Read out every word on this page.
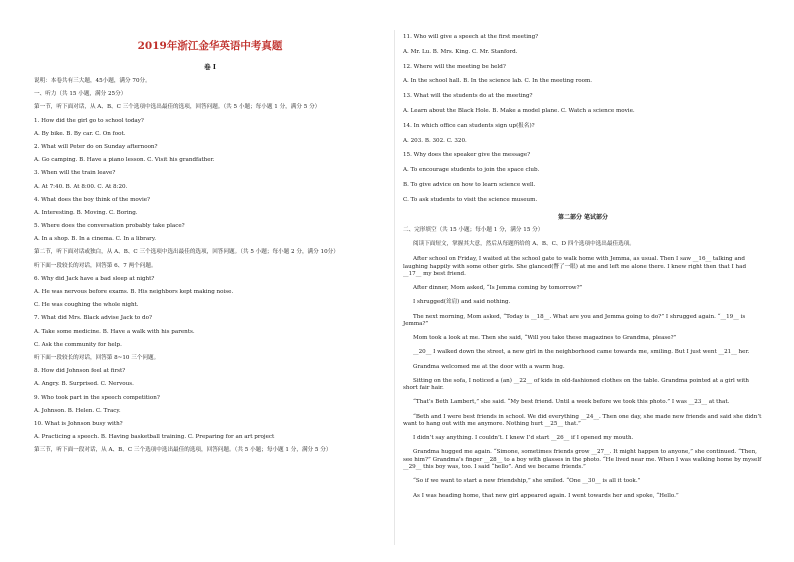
2019年浙江金华英语中考真题
卷 I
说明：本卷共有三大题，45小题，满分 70分。
一、听力（共 15 小题，满分 25分）
第一节，听下面对话，从 A、B、C 三个选项中选出最佳的选项，回答问题。（共 5 小题；每小题 1 分，满分 5 分）
1. How did the girl go to school today?
A. By bike. B. By car. C. On foot.
2. What will Peter do on Sunday afternoon?
A. Go camping. B. Have a piano lesson. C. Visit his grandfather.
3. When will the train leave?
A. At 7:40. B. At 8:00. C. At 8:20.
4. What does the boy think of the movie?
A. Interesting. B. Moving. C. Boring.
5. Where does the conversation probably take place?
A. In a shop. B. In a cinema. C. In a library.
第二节，听下面对话或独白，从 A、B、C 三个选项中选出最佳的选项，回答问题。（共 5 小题；每小题 2 分，满分 10分）
听下面一段较长的对话，回答第 6、7 两个问题。
6. Why did Jack have a bad sleep at night?
A. He was nervous before exams. B. His neighbors kept making noise.
C. He was coughing the whole night.
7. What did Mrs. Black advise Jack to do?
A. Take some medicine. B. Have a walk with his parents.
C. Ask the community for help.
听下面一段较长的对话，回答第 8~10 三个问题。
8. How did Johnson feel at first?
A. Angry. B. Surprised. C. Nervous.
9. Who took part in the speech competition?
A. Johnson. B. Helen. C. Tracy.
10. What is Johnson busy with?
A. Practicing a speech. B. Having basketball training. C. Preparing for an art project
第三节，听下面一段对话，从 A、B、C 三个选项中选出最佳的选项，回答问题。（共 5 小题；每小题 1 分，满分 5 分）
11. Who will give a speech at the first meeting?
A. Mr. Lu. B. Mrs. King. C. Mr. Stanford.
12. Where will the meeting be held?
A. In the school hall. B. In the science lab. C. In the meeting room.
13. What will the students do at the meeting?
A. Learn about the Black Hole. B. Make a model plane. C. Watch a science movie.
14. In which office can students sign up(报名)?
A. 203. B. 302. C. 320.
15. Why does the speaker give the message?
A. To encourage students to join the space club.
B. To give advice on how to learn science well.
C. To ask students to visit the science museum.
第二部分 笔试部分
二、完形填空（共 15 小题；每小题 1 分，满分 15 分）
阅读下面短文，掌握其大意，然后从每题所给的 A、B、C、D 四个选项中选出最佳选项。
After school on Friday, I waited at the school gate to walk home with Jemma, as usual. Then I saw __16__ talking and laughing happily with some other girls. She glanced(瞥了一眼) at me and left me alone there. I knew right then that I had __17__ my best friend.
After dinner, Mom asked, “Is Jemma coming by tomorrow?”
I shrugged(耸肩) and said nothing.
The next morning, Mom asked, “Today is __18__. What are you and Jemma going to do?” I shrugged again. “__19__ is Jemma?”
Mom took a look at me. Then she said, “Will you take these magazines to Grandma, please?”
__20__ I walked down the street, a new girl in the neighborhood came towards me, smiling. But I just went __21__ her.
Grandma welcomed me at the door with a warm hug.
Sitting on the sofa, I noticed a (an) __22__ of kids in old-fashioned clothes on the table. Grandma pointed at a girl with short fair hair.
“That’s Beth Lambert,” she said. “My best friend. Until a week before we took this photo.” I was __23__ at that.
“Beth and I were best friends in school. We did everything __24__. Then one day, she made new friends and said she didn’t want to hang out with me anymore. Nothing hurt __25__ that.”
I didn’t say anything. I couldn’t. I knew I’d start __26__ if I opened my mouth.
Grandma hugged me again. “Simone, sometimes friends grow __27__. It might happen to anyone,” she continued. “Then, see him?” Grandma’s finger __28__ to a boy with glasses in the photo. “He lived near me. When I was walking home by myself __29__ this boy was, too. I said “hello”. And we became friends.”
“So if we want to start a new friendship,” she smiled. “One __30__ is all it took.”
As I was heading home, that new girl appeared again. I went towards her and spoke, “Hello.”
